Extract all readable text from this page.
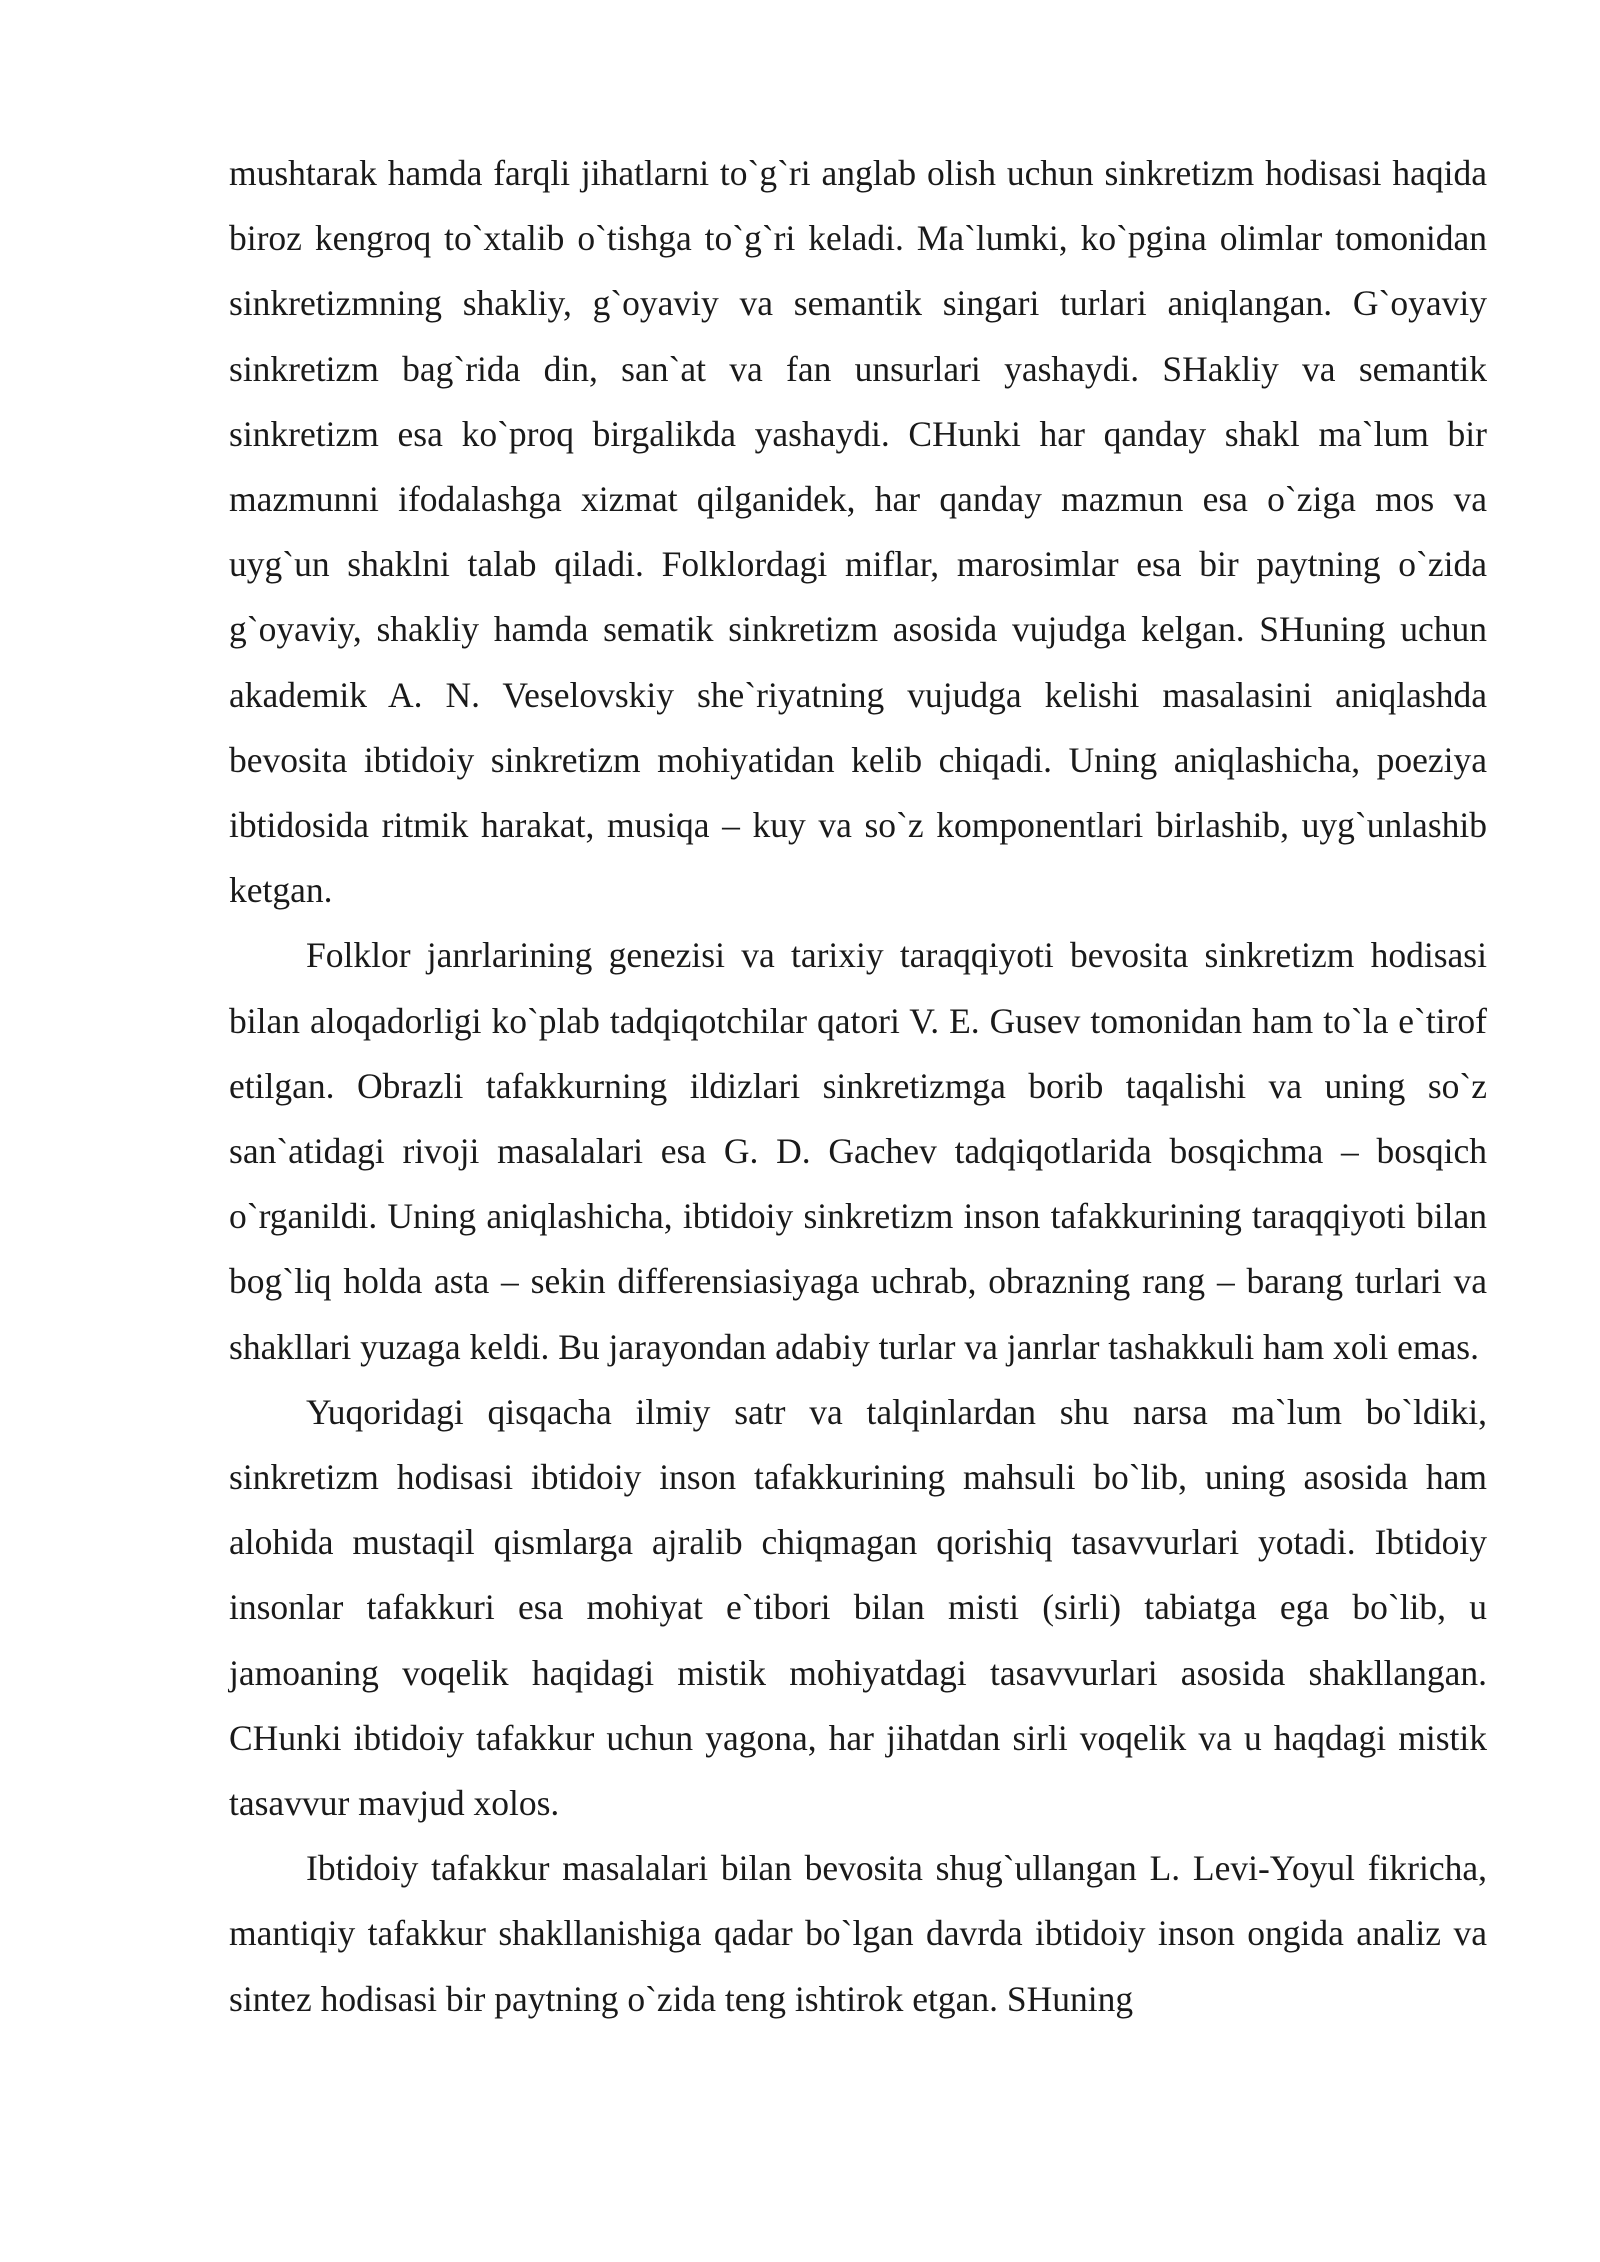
mushtarak hamda farqli jihatlarni to`g`ri anglab olish uchun sinkretizm hodisasi haqida biroz kengroq to`xtalib o`tishga to`g`ri keladi. Ma`lumki, ko`pgina olimlar tomonidan sinkretizmning shakliy, g`oyaviy va semantik singari turlari aniqlangan. G`oyaviy sinkretizm bag`rida din, san`at va fan unsurlari yashaydi. SHakliy va semantik sinkretizm esa ko`proq birgalikda yashaydi. CHunki har qanday shakl ma`lum bir mazmunni ifodalashga xizmat qilganidek, har qanday mazmun esa o`ziga mos va uyg`un shaklni talab qiladi. Folklordagi miflar, marosimlar esa bir paytning o`zida g`oyaviy, shakliy hamda sematik sinkretizm asosida vujudga kelgan. SHuning uchun akademik A. N. Veselovskiy she`riyatning vujudga kelishi masalasini aniqlashda bevosita ibtidoiy sinkretizm mohiyatidan kelib chiqadi. Uning aniqlashicha, poeziya ibtidosida ritmik harakat, musiqa – kuy va so`z komponentlari birlashib, uyg`unlashib ketgan.

Folklor janrlarining genezisi va tarixiy taraqqiyoti bevosita sinkretizm hodisasi bilan aloqadorligi ko`plab tadqiqotchilar qatori V. E. Gusev tomonidan ham to`la e`tirof etilgan. Obrazli tafakkurning ildizlari sinkretizmga borib taqalishi va uning so`z san`atidagi rivoji masalalari esa G. D. Gachev tadqiqotlarida bosqichma – bosqich o`rganildi. Uning aniqlashicha, ibtidoiy sinkretizm inson tafakkurining taraqqiyoti bilan bog`liq holda asta – sekin differensiasiyaga uchrab, obrazning rang – barang turlari va shakllari yuzaga keldi. Bu jarayondan adabiy turlar va janrlar tashakkuli ham xoli emas.

Yuqoridagi qisqacha ilmiy satr va talqinlardan shu narsa ma`lum bo`ldiki, sinkretizm hodisasi ibtidoiy inson tafakkurining mahsuli bo`lib, uning asosida ham alohida mustaqil qismlarga ajralib chiqmagan qorishiq tasavvurlari yotadi. Ibtidoiy insonlar tafakkuri esa mohiyat e`tibori bilan misti (sirli) tabiatga ega bo`lib, u jamoaning voqelik haqidagi mistik mohiyatdagi tasavvurlari asosida shakllangan. CHunki ibtidoiy tafakkur uchun yagona, har jihatdan sirli voqelik va u haqdagi mistik tasavvur mavjud xolos.

Ibtidoiy tafakkur masalalari bilan bevosita shug`ullangan L. Levi-Yoyul fikricha, mantiqiy tafakkur shakllanishiga qadar bo`lgan davrda ibtidoiy inson ongida analiz va sintez hodisasi bir paytning o`zida teng ishtirok etgan. SHuning
